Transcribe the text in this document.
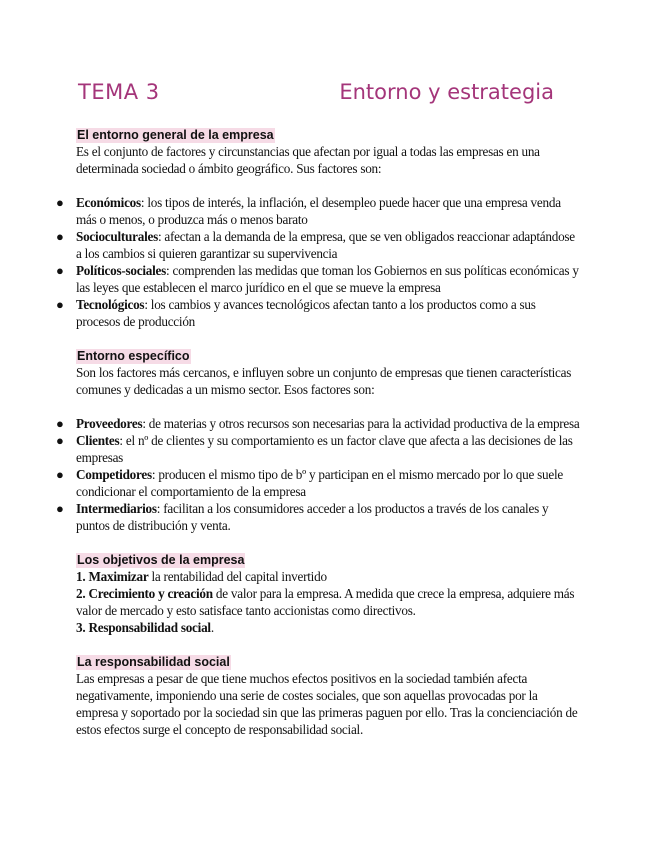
TEMA 3	Entorno y estrategia
El entorno general de la empresa

Es el conjunto de factores y circunstancias que afectan por igual a todas las empresas en una determinada sociedad o ámbito geográfico. Sus factores son:

● Económicos: los tipos de interés, la inflación, el desempleo puede hacer que una empresa venda más o menos, o produzca más o menos barato
● Socioculturales: afectan a la demanda de la empresa, que se ven obligados reaccionar adaptándose a los cambios si quieren garantizar su supervivencia
● Políticos-sociales: comprenden las medidas que toman los Gobiernos en sus políticas económicas y las leyes que establecen el marco jurídico en el que se mueve la empresa
● Tecnológicos: los cambios y avances tecnológicos afectan tanto a los productos como a sus procesos de producción
Entorno específico

Son los factores más cercanos, e influyen sobre un conjunto de empresas que tienen características comunes y dedicadas a un mismo sector. Esos factores son:

● Proveedores: de materias y otros recursos son necesarias para la actividad productiva de la empresa
● Clientes: el nº de clientes y su comportamiento es un factor clave que afecta a las decisiones de las empresas
● Competidores: producen el mismo tipo de bº y participan en el mismo mercado por lo que suele condicionar el comportamiento de la empresa
● Intermediarios: facilitan a los consumidores acceder a los productos a través de los canales y puntos de distribución y venta.
Los objetivos de la empresa

1. Maximizar la rentabilidad del capital invertido

2. Crecimiento y creación de valor para la empresa. A medida que crece la empresa, adquiere más valor de mercado y esto satisface tanto accionistas como directivos.

3. Responsabilidad social.

La responsabilidad social

Las empresas a pesar de que tiene muchos efectos positivos en la sociedad también afecta negativamente, imponiendo una serie de costes sociales, que son aquellas provocadas por la empresa y soportado por la sociedad sin que las primeras paguen por ello. Tras la concienciación de estos efectos surge el concepto de responsabilidad social.
